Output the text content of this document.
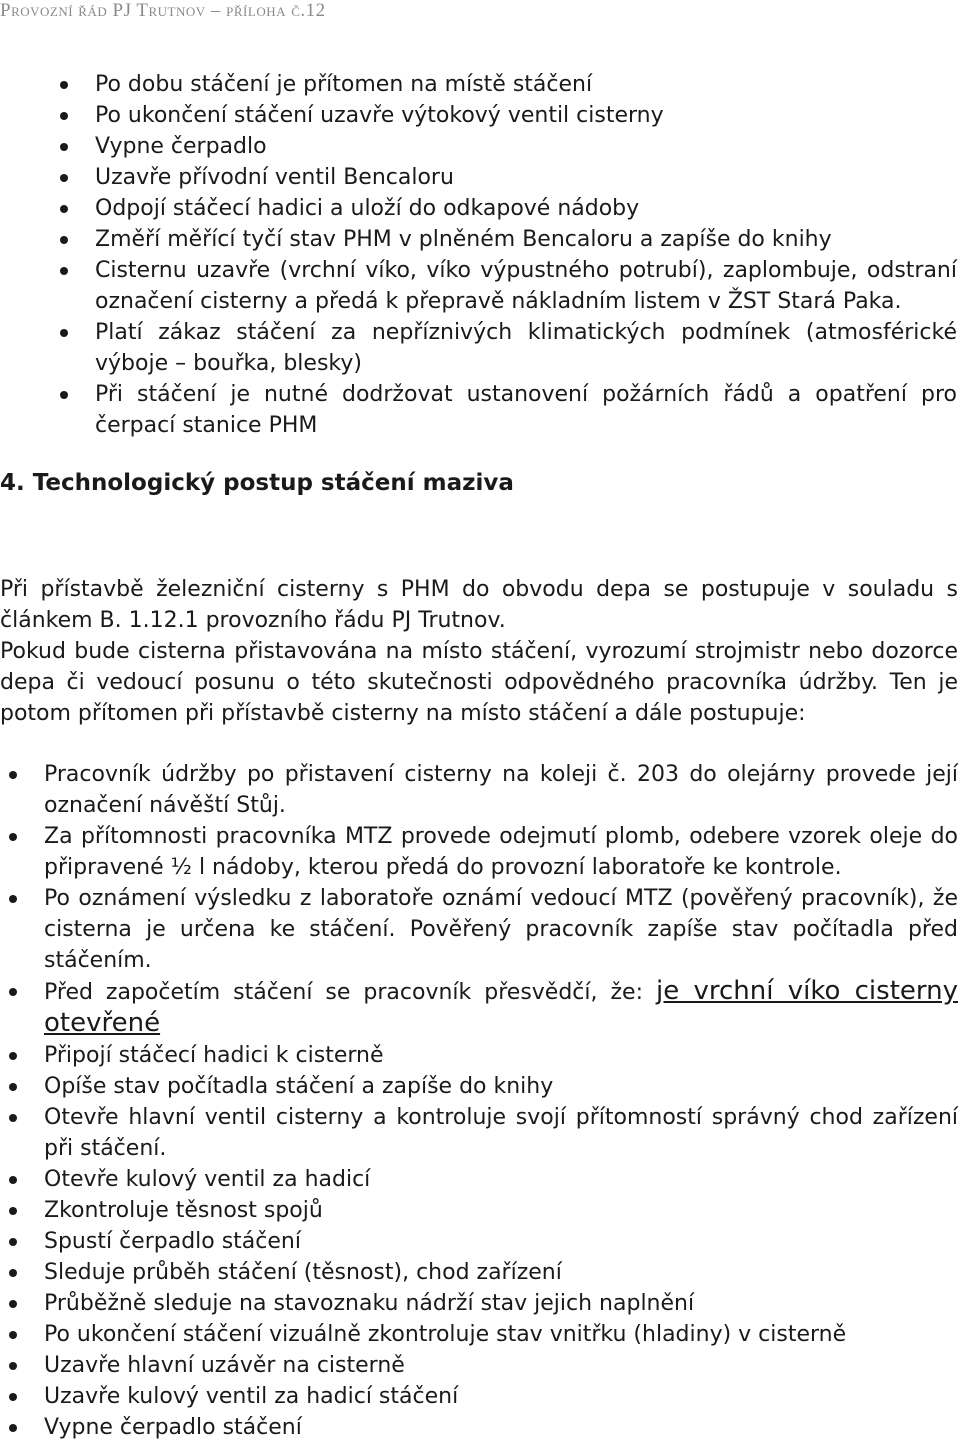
Provozní řád PJ Trutnov – příloha č.12
Po dobu stáčení je přítomen na místě stáčení
Po ukončení stáčení uzavře výtokový ventil cisterny
Vypne čerpadlo
Uzavře přívodní ventil Bencaloru
Odpojí stáčecí hadici a uloží do odkapové nádoby
Změří měřící tyčí stav PHM v plněném Bencaloru a zapíše do knihy
Cisternu uzavře (vrchní víko, víko výpustného potrubí), zaplombuje, odstraní označení cisterny a předá k přepravě nákladním listem v ŽST Stará Paka.
Platí zákaz stáčení za nepříznivých klimatických podmínek (atmosférické výboje – bouřka, blesky)
Při stáčení je nutné dodržovat ustanovení požárních řádů a opatření pro čerpací stanice PHM
4. Technologický postup stáčení maziva
Při přístavbě železniční cisterny s PHM do obvodu depa se postupuje v souladu s článkem B. 1.12.1 provozního řádu PJ Trutnov.
Pokud bude cisterna přistavována na místo stáčení, vyrozumí strojmistr nebo dozorce depa či vedoucí posunu o této skutečnosti odpovědného pracovníka údržby. Ten je potom přítomen při přístavbě cisterny na místo stáčení a dále postupuje:
Pracovník údržby po přistavení cisterny na koleji č. 203 do olejárny provede její označení návěští Stůj.
Za přítomnosti pracovníka MTZ provede odejmutí plomb, odebere vzorek oleje do připravené ½ l nádoby, kterou předá do provozní laboratoře ke kontrole.
Po oznámení výsledku z laboratoře oznámí vedoucí MTZ (pověřený pracovník), že cisterna je určena ke stáčení. Pověřený pracovník zapíše stav počítadla před stáčením.
Před započetím stáčení se pracovník přesvědčí, že: je vrchní víko cisterny otevřené
Připojí stáčecí hadici k cisterně
Opíše stav počítadla stáčení a zapíše do knihy
Otevře hlavní ventil cisterny a kontroluje svojí přítomností správný chod zařízení při stáčení.
Otevře kulový ventil za hadicí
Zkontroluje těsnost spojů
Spustí čerpadlo stáčení
Sleduje průběh stáčení (těsnost), chod zařízení
Průběžně sleduje na stavoznaku nádrží stav jejich naplnění
Po ukončení stáčení vizuálně zkontroluje stav vnitřku (hladiny) v cisterně
Uzavře hlavní uzávěr na cisterně
Uzavře kulový ventil za hadicí stáčení
Vypne čerpadlo stáčení
